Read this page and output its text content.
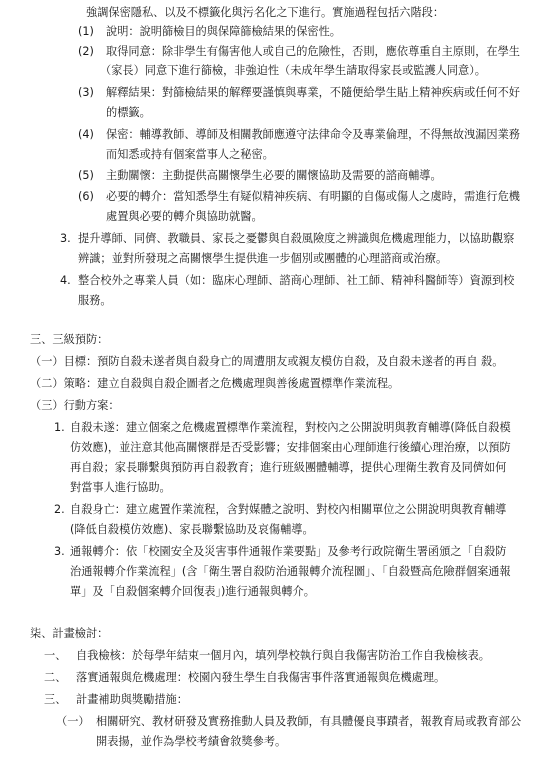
強調保密隱私、以及不標籤化與污名化之下進行。實施過程包括六階段：
(1) 說明：說明篩檢目的與保障篩檢結果的保密性。
(2) 取得同意：除非學生有傷害他人或自己的危險性，否則，應依尊重自主原則，在學生
（家長）同意下進行篩檢，非強迫性（未成年學生請取得家長或監護人同意）。
(3) 解釋結果：對篩檢結果的解釋要謹慎與專業，不隨便給學生貼上精神疾病或任何不好
的標籤。
(4) 保密：輔導教師、導師及相關教師應遵守法律命令及專業倫理，不得無故洩漏因業務
而知悉或持有個案當事人之秘密。
(5) 主動關懷：主動提供高關懷學生必要的關懷協助及需要的諮商輔導。
(6) 必要的轉介：當知悉學生有疑似精神疾病、有明顯的自傷或傷人之虞時，需進行危機
處置與必要的轉介與協助就醫。
3. 提升導師、同儕、教職員、家長之憂鬱與自殺風險度之辨識與危機處理能力，以協助觀察
辨識；並對所發現之高關懷學生提供進一步個別或團體的心理諮商或治療。
4. 整合校外之專業人員（如：臨床心理師、諮商心理師、社工師、精神科醫師等）資源到校
服務。
三、三級預防：
（一）目標：預防自殺未遂者與自殺身亡的周遭朋友或親友模仿自殺，及自殺未遂者的再自 殺。
（二）策略：建立自殺與自殺企圖者之危機處理與善後處置標準作業流程。
（三）行動方案：
1. 自殺未遂：建立個案之危機處置標準作業流程，對校內之公開說明與教育輔導(降低自殺模
仿效應)，並注意其他高關懷群是否受影響；安排個案由心理師進行後續心理治療，以預防
再自殺；家長聯繫與預防再自殺教育；進行班級團體輔導，提供心理衛生教育及同儕如何
對當事人進行協助。
2. 自殺身亡：建立處置作業流程，含對媒體之說明、對校內相關單位之公開說明與教育輔導
(降低自殺模仿效應)、家長聯繫協助及哀傷輔導。
3. 通報轉介：依「校園安全及災害事件通報作業要點」及參考行政院衛生署函頒之「自殺防
治通報轉介作業流程」(含「衛生署自殺防治通報轉介流程圖」、「自殺暨高危險群個案通報
單」及「自殺個案轉介回復表」)進行通報與轉介。
柒、計畫檢討：
一、 自我檢核：於每學年結束一個月內，填列學校執行與自我傷害防治工作自我檢核表。
二、 落實通報與危機處理：校園內發生學生自我傷害事件落實通報與危機處理。
三、 計畫補助與獎勵措施：
（一） 相關研究、教材研發及實務推動人員及教師，有具體優良事蹟者，報教育局或教育部公
開表揚，並作為學校考績會敘獎參考。
